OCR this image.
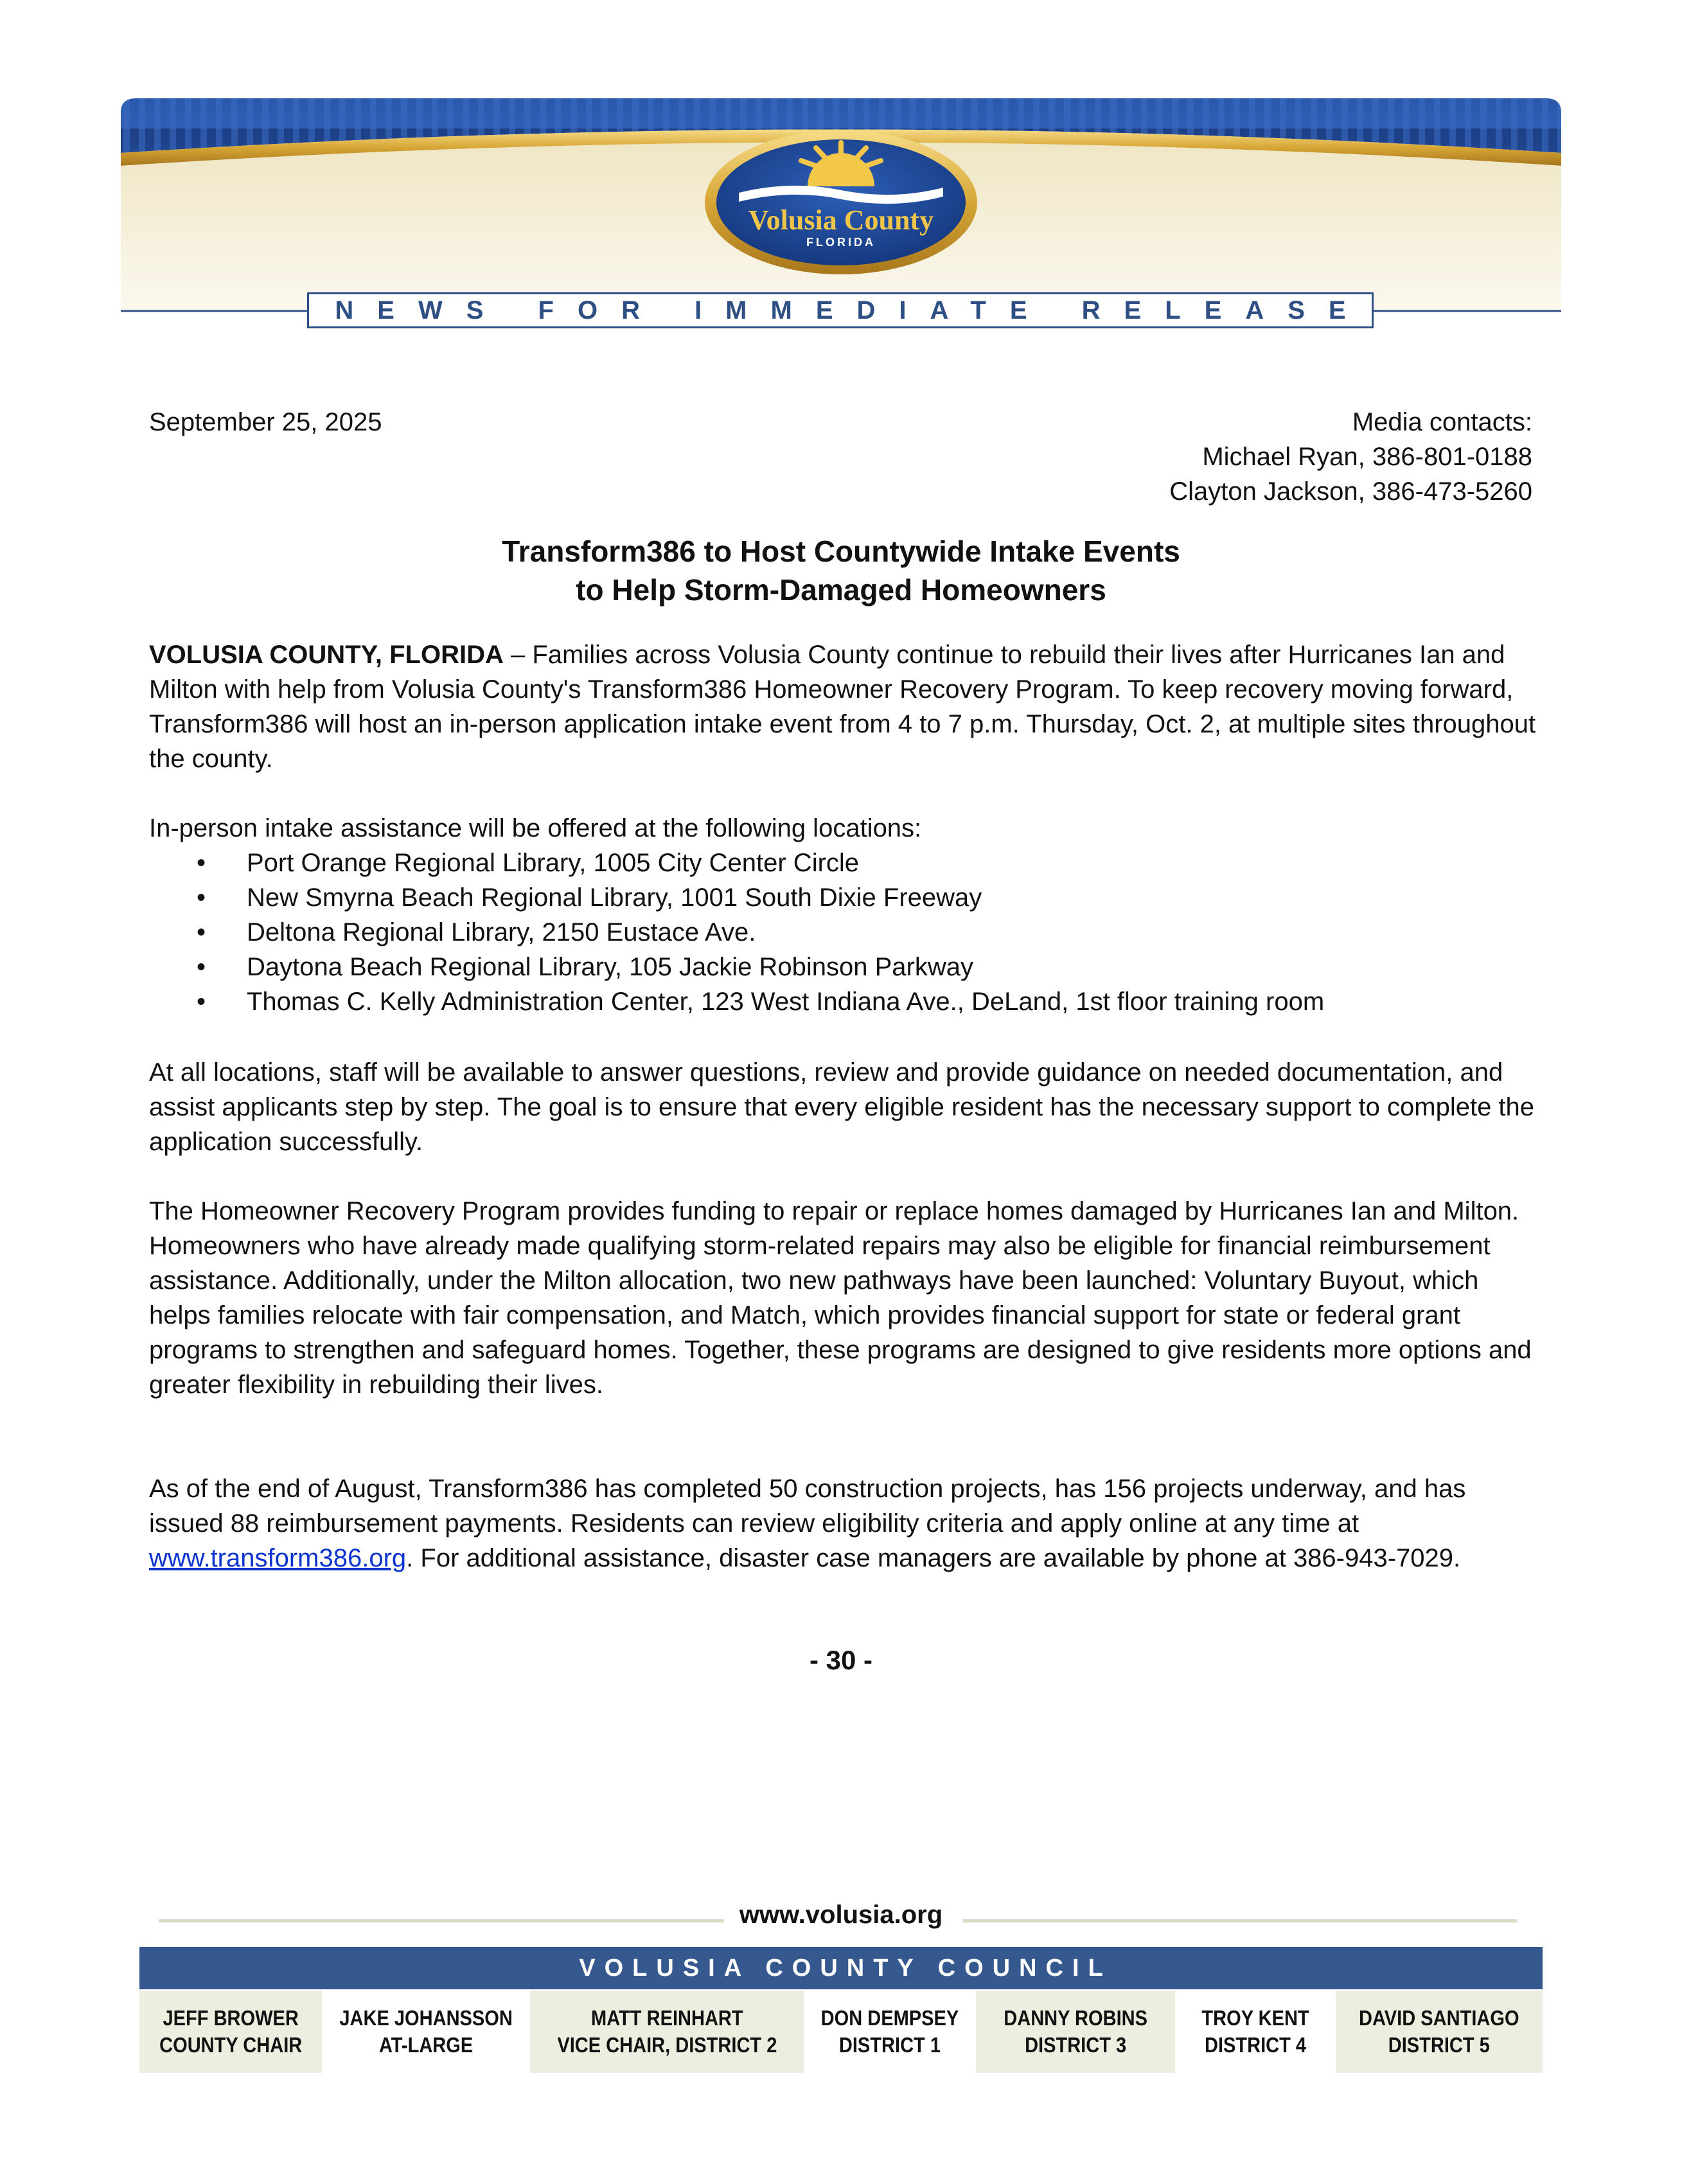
Volusia County
FLORIDA
NEWS FOR IMMEDIATE RELEASE
September 25, 2025	Media contacts:
Michael Ryan, 386-801-0188
Clayton Jackson, 386-473-5260
Transform386 to Host Countywide Intake Events
to Help Storm-Damaged Homeowners
VOLUSIA COUNTY, FLORIDA – Families across Volusia County continue to rebuild their lives after Hurricanes Ian and Milton with help from Volusia County's Transform386 Homeowner Recovery Program. To keep recovery moving forward, Transform386 will host an in-person application intake event from 4 to 7 p.m. Thursday, Oct. 2, at multiple sites throughout the county.
In-person intake assistance will be offered at the following locations:
• Port Orange Regional Library, 1005 City Center Circle
• New Smyrna Beach Regional Library, 1001 South Dixie Freeway
• Deltona Regional Library, 2150 Eustace Ave.
• Daytona Beach Regional Library, 105 Jackie Robinson Parkway
• Thomas C. Kelly Administration Center, 123 West Indiana Ave., DeLand, 1st floor training room
At all locations, staff will be available to answer questions, review and provide guidance on needed documentation, and assist applicants step by step. The goal is to ensure that every eligible resident has the necessary support to complete the application successfully.
The Homeowner Recovery Program provides funding to repair or replace homes damaged by Hurricanes Ian and Milton. Homeowners who have already made qualifying storm-related repairs may also be eligible for financial reimbursement assistance. Additionally, under the Milton allocation, two new pathways have been launched: Voluntary Buyout, which helps families relocate with fair compensation, and Match, which provides financial support for state or federal grant programs to strengthen and safeguard homes. Together, these programs are designed to give residents more options and greater flexibility in rebuilding their lives.
As of the end of August, Transform386 has completed 50 construction projects, has 156 projects underway, and has issued 88 reimbursement payments. Residents can review eligibility criteria and apply online at any time at www.transform386.org. For additional assistance, disaster case managers are available by phone at 386-943-7029.
- 30 -
www.volusia.org
VOLUSIA COUNTY COUNCIL
JEFF BROWER
COUNTY CHAIR
JAKE JOHANSSON
AT-LARGE
MATT REINHART
VICE CHAIR, DISTRICT 2
DON DEMPSEY
DISTRICT 1
DANNY ROBINS
DISTRICT 3
TROY KENT
DISTRICT 4
DAVID SANTIAGO
DISTRICT 5
